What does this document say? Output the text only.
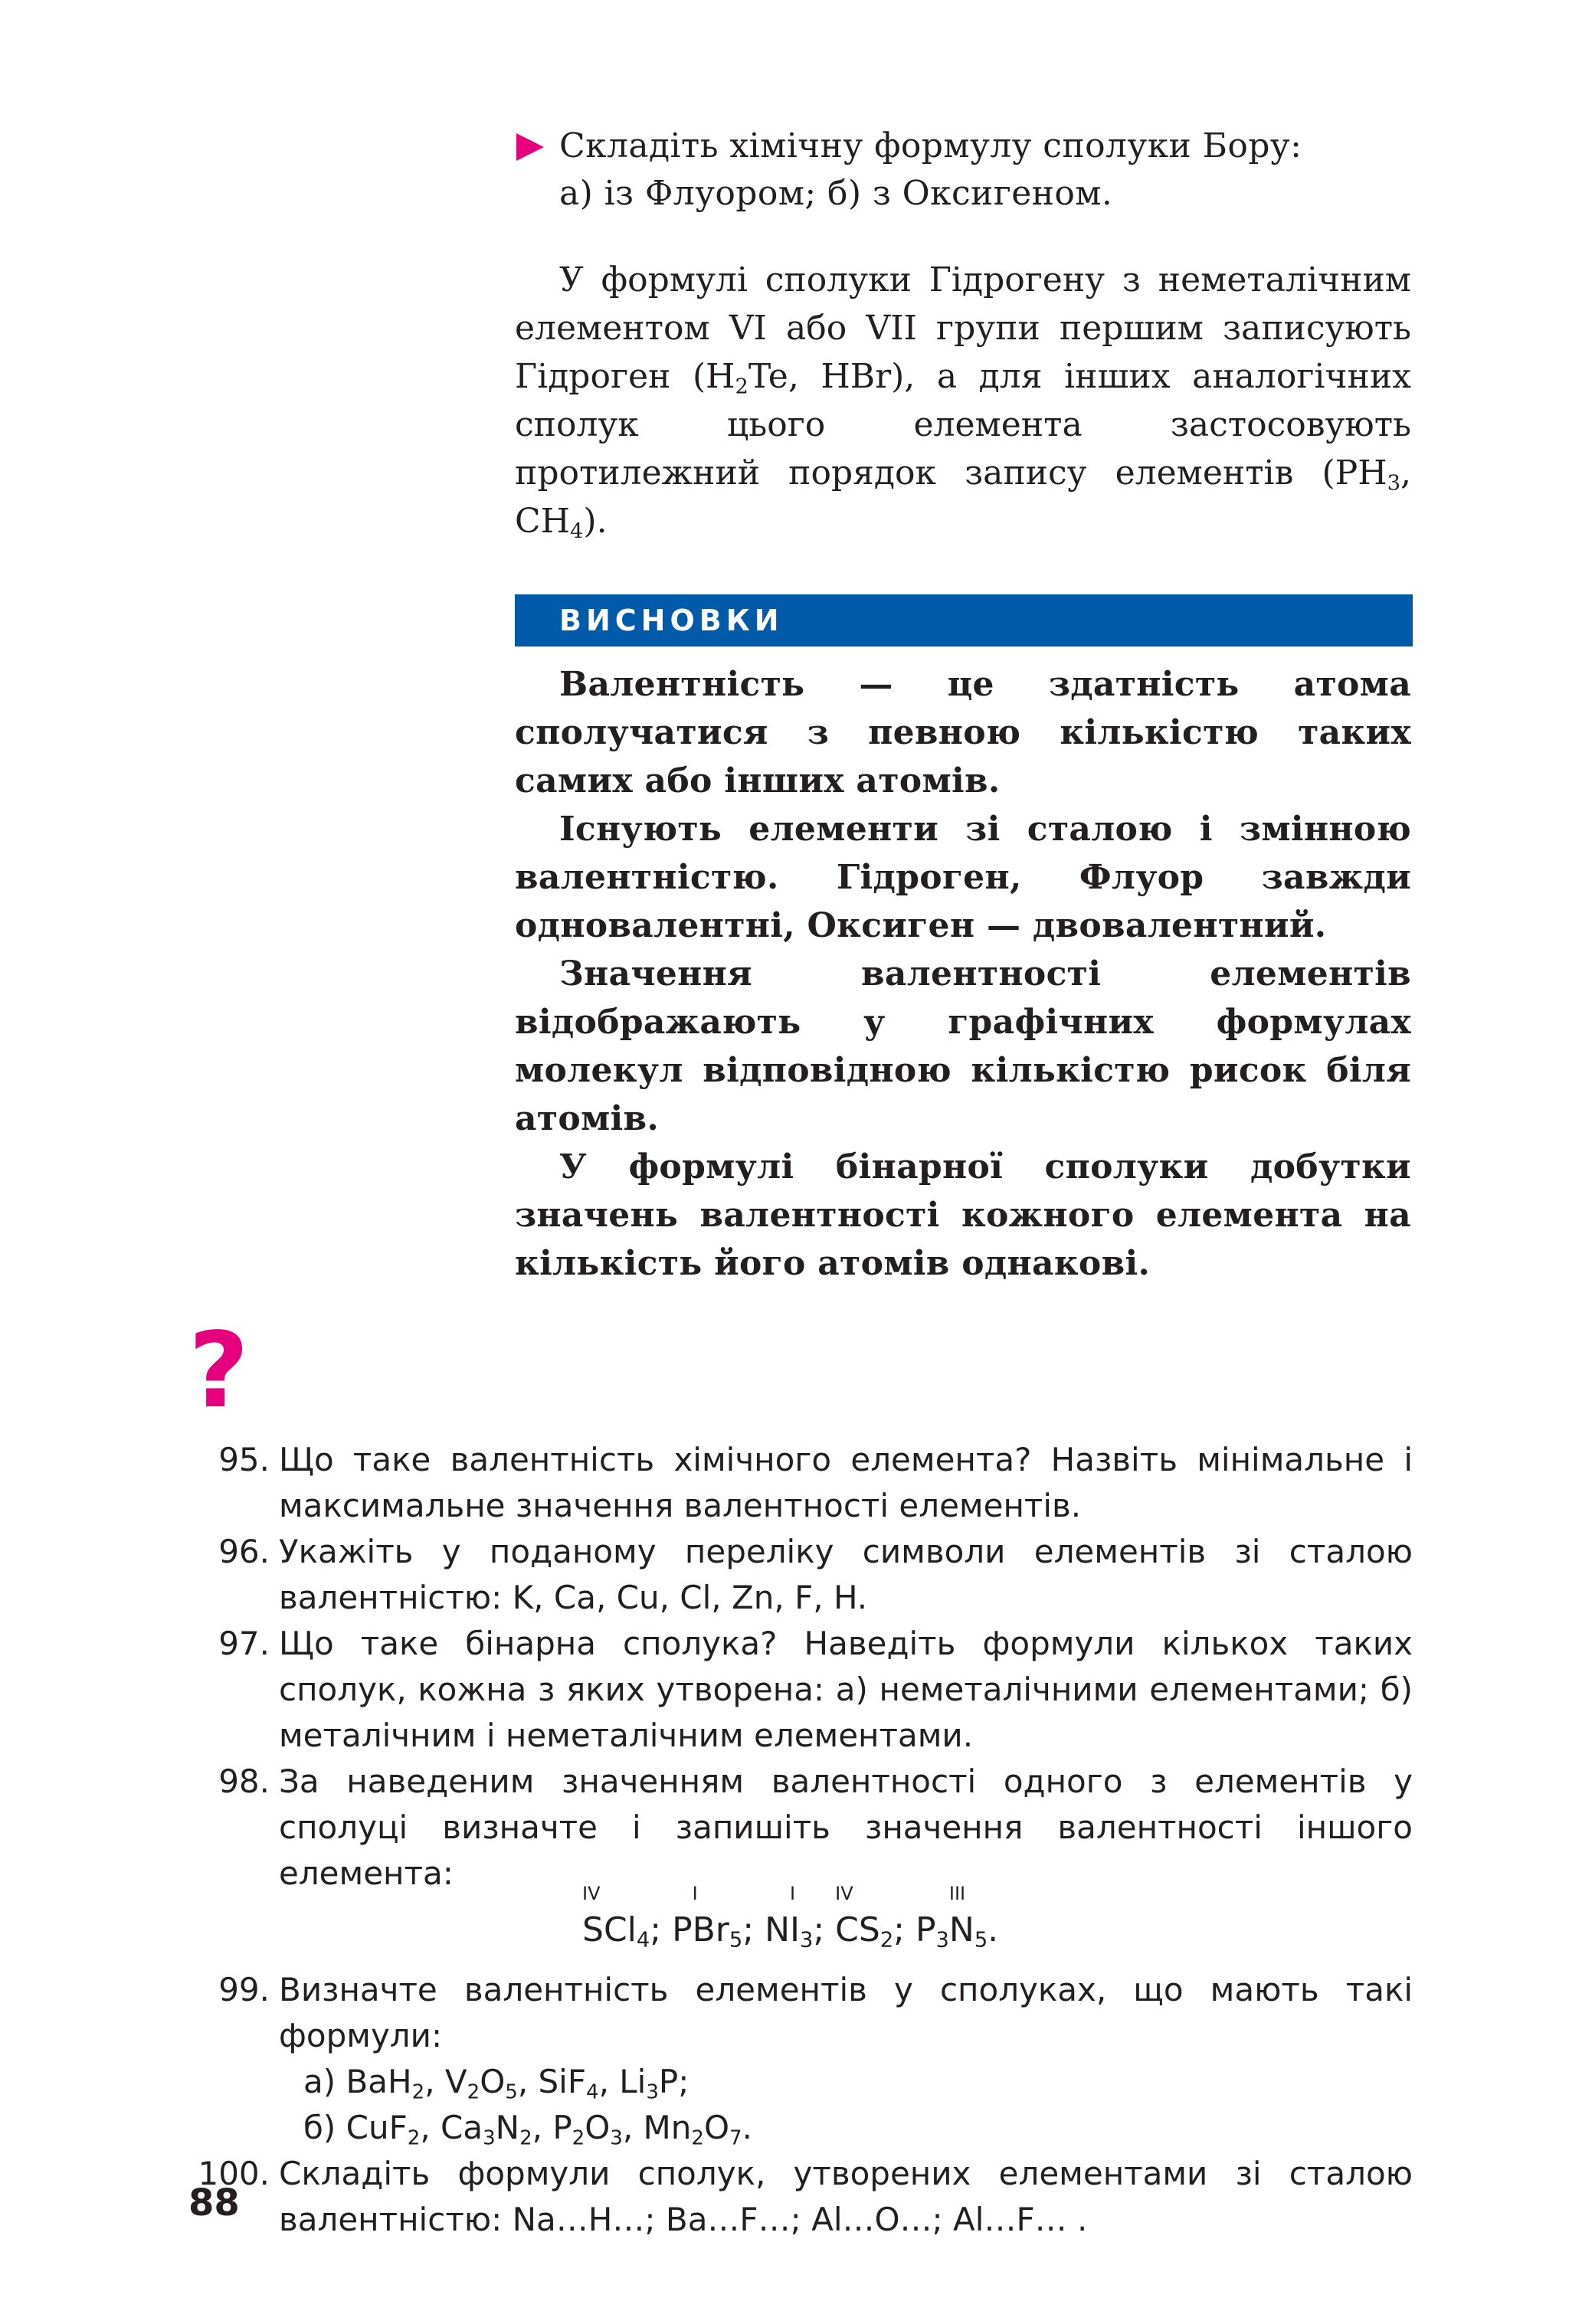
Складіть хімічну формулу сполуки Бору:

а) із Флуором; б) з Оксигеном.

У формулі сполуки Гідрогену з неметалічним елементом VI або VII групи першим записують Гідроген ($H_2Te$, HBr), а для інших аналогічних сполук цього елемента застосовують протилежний порядок запису елементів ($PH_3$, $CH_4$).

ВИСНОВКИ

Валентність — це здатність атома сполучатися з певною кількістю таких самих або інших атомів.

Існують елементи зі сталою і змінною валентністю. Гідроген, Флуор завжди одновалентні, Оксиген — двовалентний.

Значення валентності елементів відображають у графічних формулах молекул відповідною кількістю рисок біля атомів.

У формулі бінарної сполуки добутки значень валентності кожного елемента на кількість його атомів однакові.

?
95. Що таке валентність хімічного елемента? Назвіть мінімальне і максимальне значення валентності елементів.
96. Укажіть у поданому переліку символи елементів зі сталою валентністю: K, Ca, Cu, Cl, Zn, F, H.
97. Що таке бінарна сполука? Наведіть формули кількох таких сполук, кожна з яких утворена: а) неметалічними елементами; б) металічним і неметалічним елементами.
98. За наведеним значенням валентності одного з елементів у сполуці визначте і запишіть значення валентності іншого елемента:
IV
SCl$_4$; P
I
$Br_5$; N
I
$I_3$;
IV
$CS_2$; $P_3$
III
$N_5$.
99. Визначте валентність елементів у сполуках, що мають такі формули:
а) BaH$_2$, $V_2O_5$, SiF$_4$, $Li_3P$;
б) CuF$_2$, $Ca_3N_2$, $P_2O_3$, $Mn_2O_7$.
100. Складіть формули сполук, утворених елементами зі сталою валентністю: Na…H…; Ba…F…; Al…O…; Al…F… .
88
